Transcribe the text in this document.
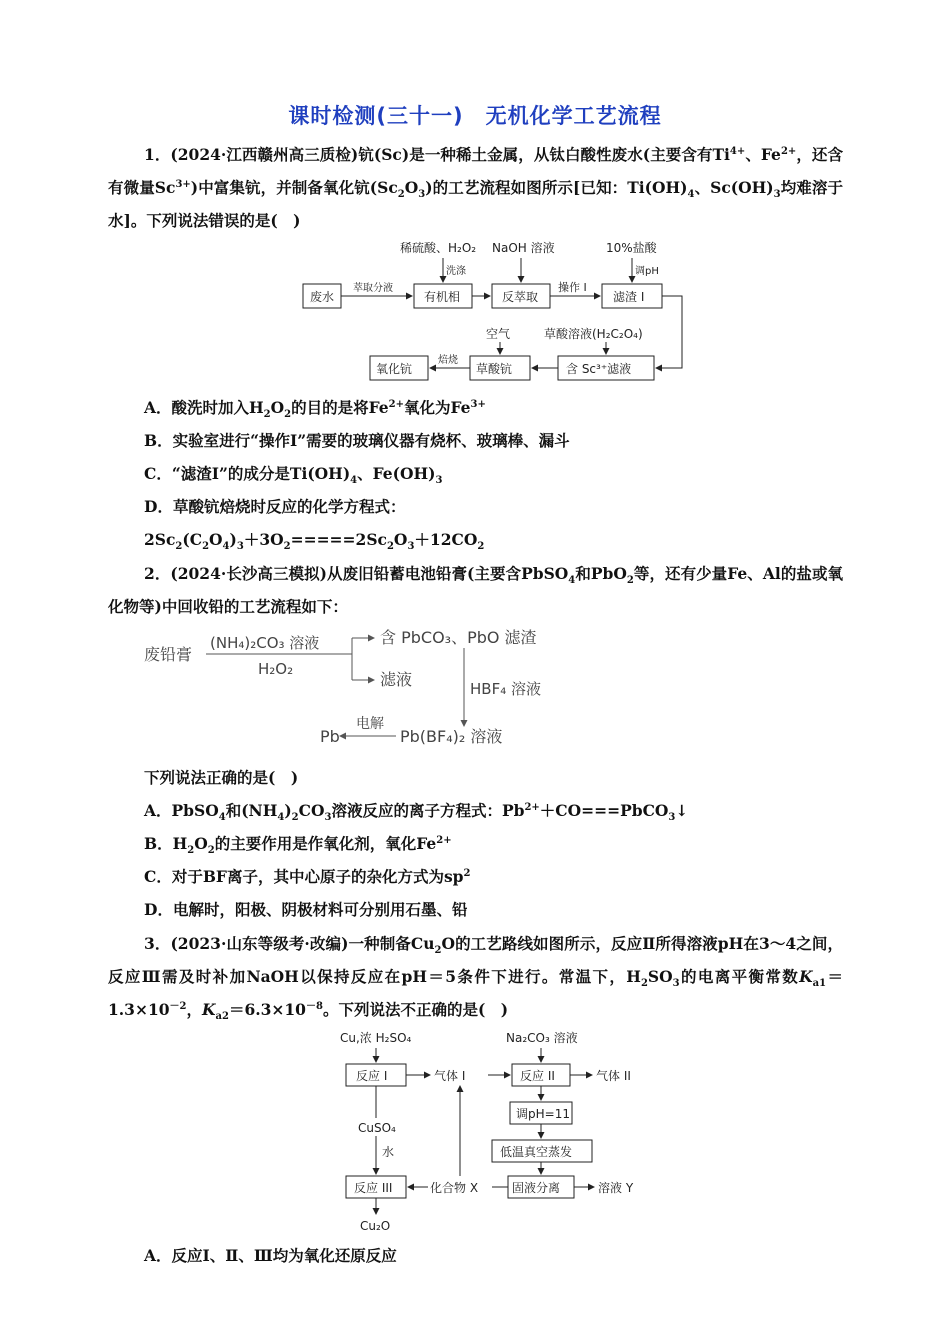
课时检测(三十一)　无机化学工艺流程
1．(2024·江西赣州高三质检)钪(Sc)是一种稀土金属，从钛白酸性废水(主要含有$Ti^{4+}$、$Fe^{2+}$，还含有微量$Sc^{3+}$)中富集钪，并制备氧化钪$(Sc_2O_3)$的工艺流程如图所示[已知：$Ti(OH)_4$、$Sc(OH)_3$均难溶于水]。下列说法错误的是(　)
稀硫酸、H₂O₂
洗涤
NaOH 溶液	10%盐酸
调pH
废水
萃取分液
有机相	反萃取
操作 I
滤渣 I
空气	草酸溶液(H₂C₂O₄)
焙烧
氧化钪	草酸钪	含 Sc³⁺滤液
A．酸洗时加入$H_2O_2$的目的是将$Fe^{2+}$氧化为$Fe^{3+}$
B．实验室进行“操作Ⅰ”需要的玻璃仪器有烧杯、玻璃棒、漏斗
C．“滤渣Ⅰ”的成分是$Ti(OH)_4$、$Fe(OH)_3$
D．草酸钪焙烧时反应的化学方程式：
$2Sc_2(C_2O_4)_3+3O_2=====2Sc_2O_3+12CO_2$
2．(2024·长沙高三模拟)从废旧铅蓄电池铅膏(主要含PbSO$_4$和PbO$_2$等，还有少量Fe、Al的盐或氧化物等)中回收铅的工艺流程如下：
废铅膏
(NH₄)₂CO₃ 溶液
H₂O₂
含 PbCO₃、PbO 滤渣
滤液	HBF₄ 溶液
Pb
电解
Pb(BF₄)₂ 溶液
下列说法正确的是(　)
A．PbSO$_4$和$(NH_4)_2CO_3$溶液反应的离子方程式：$Pb^{2+}+CO===PbCO_3↓$
B．$H_2O_2$的主要作用是作氧化剂，氧化$Fe^{2+}$
C．对于BF离子，其中心原子的杂化方式为$sp^2$
D．电解时，阳极、阴极材料可分别用石墨、铅
3．(2023·山东等级考·改编)一种制备$Cu_2O$的工艺路线如图所示，反应Ⅱ所得溶液pH在3～4之间，反应Ⅲ需及时补加NaOH以保持反应在pH＝5条件下进行。常温下，$H_2SO_3$的电离平衡常数$K_{a1}=1.3\times 10^{-2}$，$K_{a2}=6.3\times 10^{-8}$。下列说法不正确的是(　)
Cu,浓 H₂SO₄	Na₂CO₃ 溶液
反应 I	气体 I	反应 II	气体 II
调pH=11
低温真空蒸发
CuSO₄
水
反应 III	化合物 X	固液分离	溶液 Y
Cu₂O
A．反应Ⅰ、Ⅱ、Ⅲ均为氧化还原反应
